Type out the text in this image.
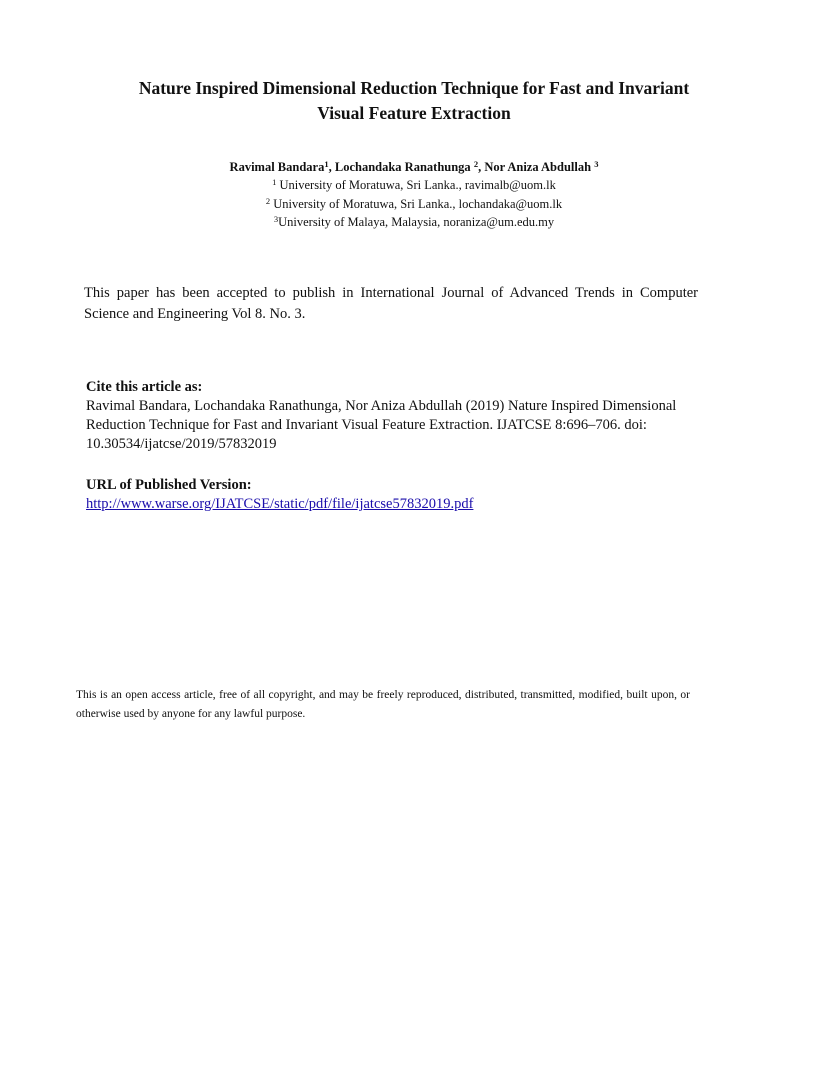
Nature Inspired Dimensional Reduction Technique for Fast and Invariant
Visual Feature Extraction

Ravimal Bandara$^1$, Lochandaka Ranathunga $^2$, Nor Aniza Abdullah $^3$

$^1$ University of Moratuwa, Sri Lanka., ravimalb@uom.lk
$^2$ University of Moratuwa, Sri Lanka., lochandaka@uom.lk
$^3$University of Malaya, Malaysia, noraniza@um.edu.my

This paper has been accepted to publish in International Journal of Advanced Trends in Computer Science and Engineering Vol 8. No. 3.

Cite this article as:

Ravimal Bandara, Lochandaka Ranathunga, Nor Aniza Abdullah (2019) Nature Inspired Dimensional Reduction Technique for Fast and Invariant Visual Feature Extraction. IJATCSE 8:696–706. doi: 10.30534/ijatcse/2019/57832019

URL of Published Version:

http://www.warse.org/IJATCSE/static/pdf/file/ijatcse57832019.pdf

This is an open access article, free of all copyright, and may be freely reproduced, distributed, transmitted, modified, built upon, or otherwise used by anyone for any lawful purpose.
